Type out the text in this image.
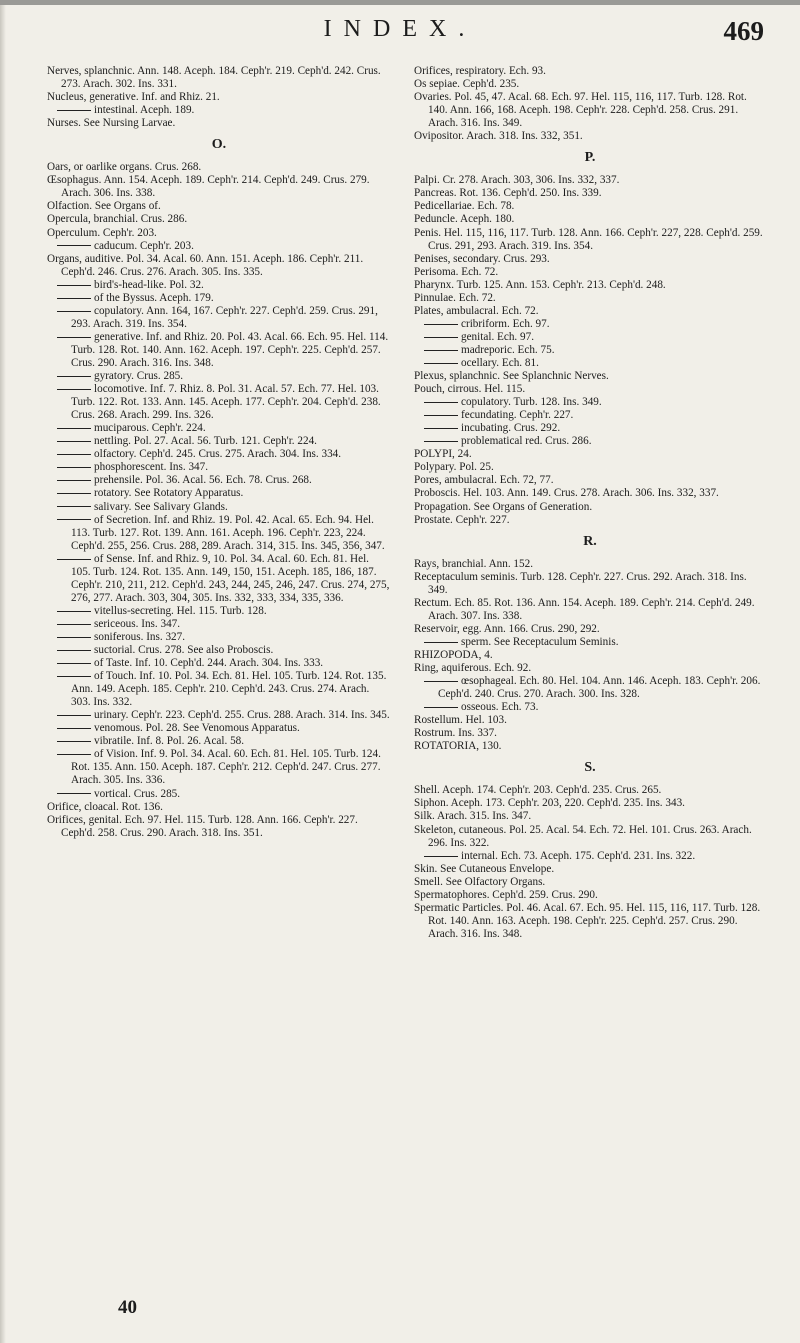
INDEX.	469

Nerves, splanchnic. Ann. 148. Aceph. 184. Ceph'r. 219. Ceph'd. 242. Crus. 273. Arach. 302. Ins. 331.

Nucleus, generative. Inf. and Rhiz. 21.

intestinal. Aceph. 189.

Nurses. See Nursing Larvae.

O.

Oars, or oarlike organs. Crus. 268.

Œsophagus. Ann. 154. Aceph. 189. Ceph'r. 214. Ceph'd. 249. Crus. 279. Arach. 306. Ins. 338.

Olfaction. See Organs of.

Opercula, branchial. Crus. 286.

Operculum. Ceph'r. 203.

caducum. Ceph'r. 203.

Organs, auditive. Pol. 34. Acal. 60. Ann. 151. Aceph. 186. Ceph'r. 211. Ceph'd. 246. Crus. 276. Arach. 305. Ins. 335.

bird's-head-like. Pol. 32.

of the Byssus. Aceph. 179.

copulatory. Ann. 164, 167. Ceph'r. 227. Ceph'd. 259. Crus. 291, 293. Arach. 319. Ins. 354.

generative. Inf. and Rhiz. 20. Pol. 43. Acal. 66. Ech. 95. Hel. 114. Turb. 128. Rot. 140. Ann. 162. Aceph. 197. Ceph'r. 225. Ceph'd. 257. Crus. 290. Arach. 316. Ins. 348.

gyratory. Crus. 285.

locomotive. Inf. 7. Rhiz. 8. Pol. 31. Acal. 57. Ech. 77. Hel. 103. Turb. 122. Rot. 133. Ann. 145. Aceph. 177. Ceph'r. 204. Ceph'd. 238. Crus. 268. Arach. 299. Ins. 326.

muciparous. Ceph'r. 224.

nettling. Pol. 27. Acal. 56. Turb. 121. Ceph'r. 224.

olfactory. Ceph'd. 245. Crus. 275. Arach. 304. Ins. 334.

phosphorescent. Ins. 347.

prehensile. Pol. 36. Acal. 56. Ech. 78. Crus. 268.

rotatory. See Rotatory Apparatus.

salivary. See Salivary Glands.

of Secretion. Inf. and Rhiz. 19. Pol. 42. Acal. 65. Ech. 94. Hel. 113. Turb. 127. Rot. 139. Ann. 161. Aceph. 196. Ceph'r. 223, 224. Ceph'd. 255, 256. Crus. 288, 289. Arach. 314, 315. Ins. 345, 356, 347.

of Sense. Inf. and Rhiz. 9, 10. Pol. 34. Acal. 60. Ech. 81. Hel. 105. Turb. 124. Rot. 135. Ann. 149, 150, 151. Aceph. 185, 186, 187. Ceph'r. 210, 211, 212. Ceph'd. 243, 244, 245, 246, 247. Crus. 274, 275, 276, 277. Arach. 303, 304, 305. Ins. 332, 333, 334, 335, 336.

vitellus-secreting. Hel. 115. Turb. 128.

sericeous. Ins. 347.

soniferous. Ins. 327.

suctorial. Crus. 278. See also Proboscis.

of Taste. Inf. 10. Ceph'd. 244. Arach. 304. Ins. 333.

of Touch. Inf. 10. Pol. 34. Ech. 81. Hel. 105. Turb. 124. Rot. 135. Ann. 149. Aceph. 185. Ceph'r. 210. Ceph'd. 243. Crus. 274. Arach. 303. Ins. 332.

urinary. Ceph'r. 223. Ceph'd. 255. Crus. 288. Arach. 314. Ins. 345.

venomous. Pol. 28. See Venomous Apparatus.

vibratile. Inf. 8. Pol. 26. Acal. 58.

of Vision. Inf. 9. Pol. 34. Acal. 60. Ech. 81. Hel. 105. Turb. 124. Rot. 135. Ann. 150. Aceph. 187. Ceph'r. 212. Ceph'd. 247. Crus. 277. Arach. 305. Ins. 336.

vortical. Crus. 285.

Orifice, cloacal. Rot. 136.

Orifices, genital. Ech. 97. Hel. 115. Turb. 128. Ann. 166. Ceph'r. 227. Ceph'd. 258. Crus. 290. Arach. 318. Ins. 351.

Orifices, respiratory. Ech. 93.

Os sepiae. Ceph'd. 235.

Ovaries. Pol. 45, 47. Acal. 68. Ech. 97. Hel. 115, 116, 117. Turb. 128. Rot. 140. Ann. 166, 168. Aceph. 198. Ceph'r. 228. Ceph'd. 258. Crus. 291. Arach. 316. Ins. 349.

Ovipositor. Arach. 318. Ins. 332, 351.

P.

Palpi. Cr. 278. Arach. 303, 306. Ins. 332, 337.

Pancreas. Rot. 136. Ceph'd. 250. Ins. 339.

Pedicellariae. Ech. 78.

Peduncle. Aceph. 180.

Penis. Hel. 115, 116, 117. Turb. 128. Ann. 166. Ceph'r. 227, 228. Ceph'd. 259. Crus. 291, 293. Arach. 319. Ins. 354.

Penises, secondary. Crus. 293.

Perisoma. Ech. 72.

Pharynx. Turb. 125. Ann. 153. Ceph'r. 213. Ceph'd. 248.

Pinnulae. Ech. 72.

Plates, ambulacral. Ech. 72.

cribriform. Ech. 97.

genital. Ech. 97.

madreporic. Ech. 75.

ocellary. Ech. 81.

Plexus, splanchnic. See Splanchnic Nerves.

Pouch, cirrous. Hel. 115.

copulatory. Turb. 128. Ins. 349.

fecundating. Ceph'r. 227.

incubating. Crus. 292.

problematical red. Crus. 286.

POLYPI, 24.

Polypary. Pol. 25.

Pores, ambulacral. Ech. 72, 77.

Proboscis. Hel. 103. Ann. 149. Crus. 278. Arach. 306. Ins. 332, 337.

Propagation. See Organs of Generation.

Prostate. Ceph'r. 227.

R.

Rays, branchial. Ann. 152.

Receptaculum seminis. Turb. 128. Ceph'r. 227. Crus. 292. Arach. 318. Ins. 349.

Rectum. Ech. 85. Rot. 136. Ann. 154. Aceph. 189. Ceph'r. 214. Ceph'd. 249. Arach. 307. Ins. 338.

Reservoir, egg. Ann. 166. Crus. 290, 292.

sperm. See Receptaculum Seminis.

RHIZOPODA, 4.

Ring, aquiferous. Ech. 92.

œsophageal. Ech. 80. Hel. 104. Ann. 146. Aceph. 183. Ceph'r. 206. Ceph'd. 240. Crus. 270. Arach. 300. Ins. 328.

osseous. Ech. 73.

Rostellum. Hel. 103.

Rostrum. Ins. 337.

ROTATORIA, 130.

S.

Shell. Aceph. 174. Ceph'r. 203. Ceph'd. 235. Crus. 265.

Siphon. Aceph. 173. Ceph'r. 203, 220. Ceph'd. 235. Ins. 343.

Silk. Arach. 315. Ins. 347.

Skeleton, cutaneous. Pol. 25. Acal. 54. Ech. 72. Hel. 101. Crus. 263. Arach. 296. Ins. 322.

internal. Ech. 73. Aceph. 175. Ceph'd. 231. Ins. 322.

Skin. See Cutaneous Envelope.

Smell. See Olfactory Organs.

Spermatophores. Ceph'd. 259. Crus. 290.

Spermatic Particles. Pol. 46. Acal. 67. Ech. 95. Hel. 115, 116, 117. Turb. 128. Rot. 140. Ann. 163. Aceph. 198. Ceph'r. 225. Ceph'd. 257. Crus. 290. Arach. 316. Ins. 348.

40
